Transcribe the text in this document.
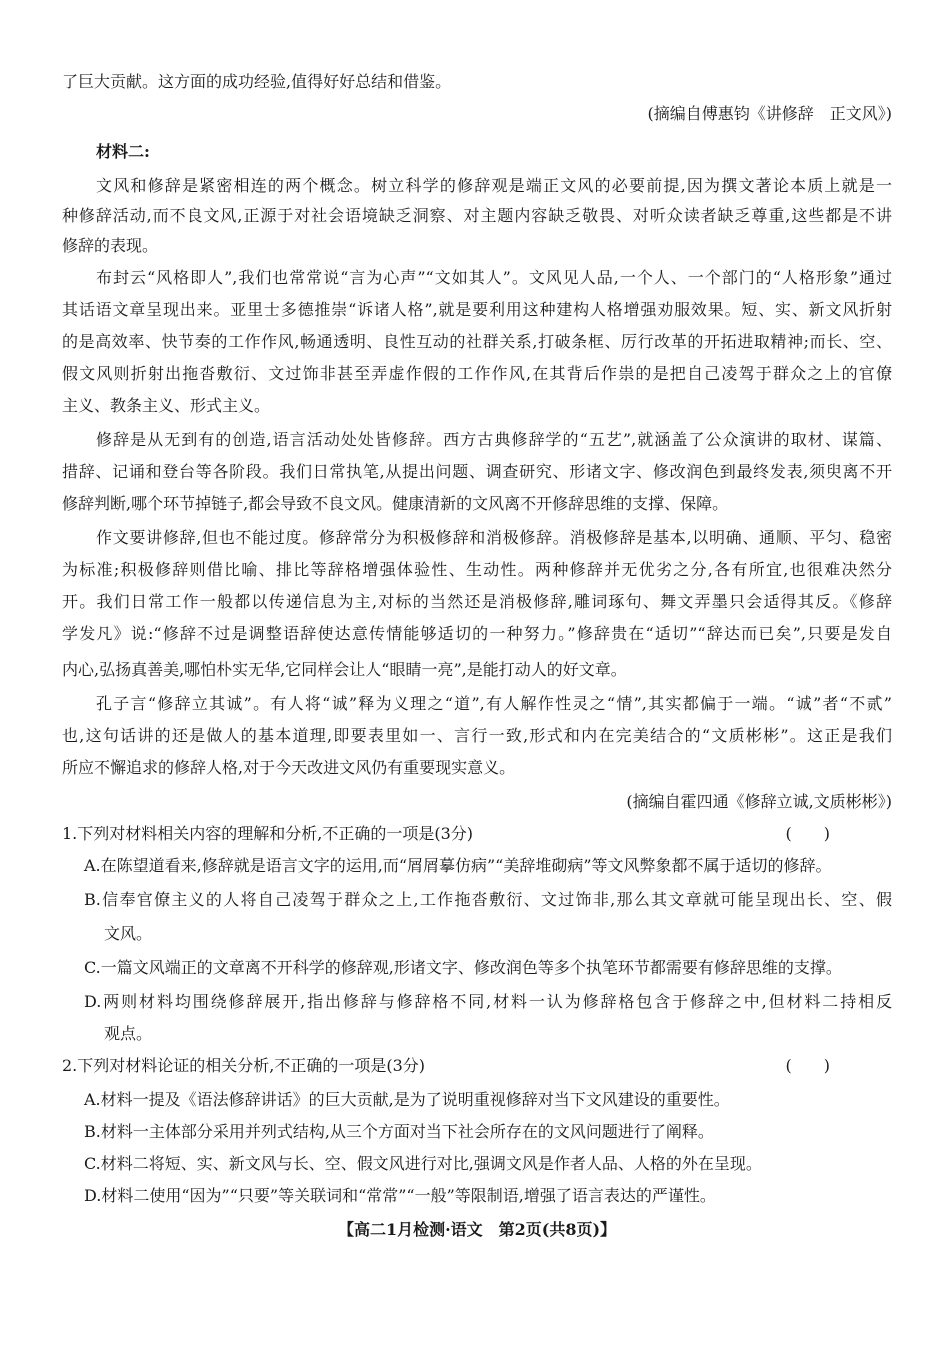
了巨大贡献。这方面的成功经验,值得好好总结和借鉴。
(摘编自傅惠钧《讲修辞　正文风》)
材料二:
文风和修辞是紧密相连的两个概念。树立科学的修辞观是端正文风的必要前提,因为撰文著论本质上就是一
种修辞活动,而不良文风,正源于对社会语境缺乏洞察、对主题内容缺乏敬畏、对听众读者缺乏尊重,这些都是不讲
修辞的表现。
布封云“风格即人”,我们也常常说“言为心声”“文如其人”。文风见人品,一个人、一个部门的“人格形象”通过
其话语文章呈现出来。亚里士多德推崇“诉诸人格”,就是要利用这种建构人格增强劝服效果。短、实、新文风折射
的是高效率、快节奏的工作作风,畅通透明、良性互动的社群关系,打破条框、厉行改革的开拓进取精神;而长、空、
假文风则折射出拖沓敷衍、文过饰非甚至弄虚作假的工作作风,在其背后作祟的是把自己凌驾于群众之上的官僚
主义、教条主义、形式主义。
修辞是从无到有的创造,语言活动处处皆修辞。西方古典修辞学的“五艺”,就涵盖了公众演讲的取材、谋篇、
措辞、记诵和登台等各阶段。我们日常执笔,从提出问题、调查研究、形诸文字、修改润色到最终发表,须臾离不开
修辞判断,哪个环节掉链子,都会导致不良文风。健康清新的文风离不开修辞思维的支撑、保障。
作文要讲修辞,但也不能过度。修辞常分为积极修辞和消极修辞。消极修辞是基本,以明确、通顺、平匀、稳密
为标准;积极修辞则借比喻、排比等辞格增强体验性、生动性。两种修辞并无优劣之分,各有所宜,也很难决然分
开。我们日常工作一般都以传递信息为主,对标的当然还是消极修辞,雕词琢句、舞文弄墨只会适得其反。《修辞
学发凡》说:“修辞不过是调整语辞使达意传情能够适切的一种努力。”修辞贵在“适切”“辞达而已矣”,只要是发自
内心,弘扬真善美,哪怕朴实无华,它同样会让人“眼睛一亮”,是能打动人的好文章。
孔子言“修辞立其诚”。有人将“诚”释为义理之“道”,有人解作性灵之“情”,其实都偏于一端。“诚”者“不贰”
也,这句话讲的还是做人的基本道理,即要表里如一、言行一致,形式和内在完美结合的“文质彬彬”。这正是我们
所应不懈追求的修辞人格,对于今天改进文风仍有重要现实意义。
(摘编自霍四通《修辞立诚,文质彬彬》)
1.下列对材料相关内容的理解和分析,不正确的一项是(3分)	(　　)
A.在陈望道看来,修辞就是语言文字的运用,而“屑屑摹仿病”“美辞堆砌病”等文风弊象都不属于适切的修辞。
B.信奉官僚主义的人将自己凌驾于群众之上,工作拖沓敷衍、文过饰非,那么其文章就可能呈现出长、空、假
文风。
C.一篇文风端正的文章离不开科学的修辞观,形诸文字、修改润色等多个执笔环节都需要有修辞思维的支撑。
D.两则材料均围绕修辞展开,指出修辞与修辞格不同,材料一认为修辞格包含于修辞之中,但材料二持相反
观点。
2.下列对材料论证的相关分析,不正确的一项是(3分)	(　　)
A.材料一提及《语法修辞讲话》的巨大贡献,是为了说明重视修辞对当下文风建设的重要性。
B.材料一主体部分采用并列式结构,从三个方面对当下社会所存在的文风问题进行了阐释。
C.材料二将短、实、新文风与长、空、假文风进行对比,强调文风是作者人品、人格的外在呈现。
D.材料二使用“因为”“只要”等关联词和“常常”“一般”等限制语,增强了语言表达的严谨性。
【高二1月检测·语文　第2页(共8页)】
